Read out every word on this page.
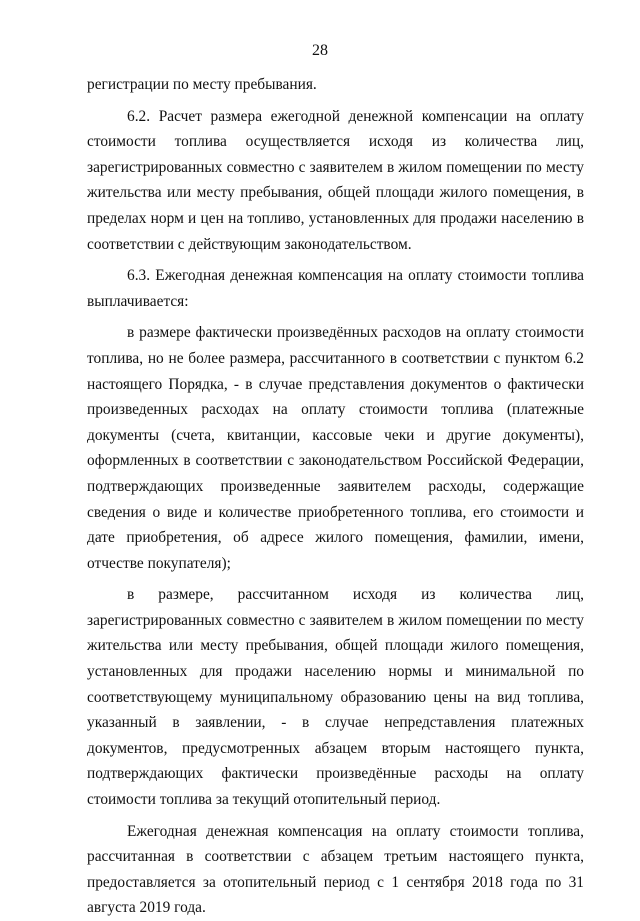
28

регистрации по месту пребывания.

6.2. Расчет размера ежегодной денежной компенсации на оплату стоимости топлива осуществляется исходя из количества лиц, зарегистрированных совместно с заявителем в жилом помещении по месту жительства или месту пребывания, общей площади жилого помещения, в пределах норм и цен на топливо, установленных для продажи населению в соответствии с действующим законодательством.

6.3. Ежегодная денежная компенсация на оплату стоимости топлива выплачивается:

в размере фактически произведённых расходов на оплату стоимости топлива, но не более размера, рассчитанного в соответствии с пунктом 6.2 настоящего Порядка, - в случае представления документов о фактически произведенных расходах на оплату стоимости топлива (платежные документы (счета, квитанции, кассовые чеки и другие документы), оформленных в соответствии с законодательством Российской Федерации, подтверждающих произведенные заявителем расходы, содержащие сведения о виде и количестве приобретенного топлива, его стоимости и дате приобретения, об адресе жилого помещения, фамилии, имени, отчестве покупателя);

в размере, рассчитанном исходя из количества лиц, зарегистрированных совместно с заявителем в жилом помещении по месту жительства или месту пребывания, общей площади жилого помещения, установленных для продажи населению нормы и минимальной по соответствующему муниципальному образованию цены на вид топлива, указанный в заявлении, - в случае непредставления платежных документов, предусмотренных абзацем вторым настоящего пункта, подтверждающих фактически произведённые расходы на оплату стоимости топлива за текущий отопительный период.

Ежегодная денежная компенсация на оплату стоимости топлива, рассчитанная в соответствии с абзацем третьим настоящего пункта, предоставляется за отопительный период с 1 сентября 2018 года по 31 августа 2019 года.
